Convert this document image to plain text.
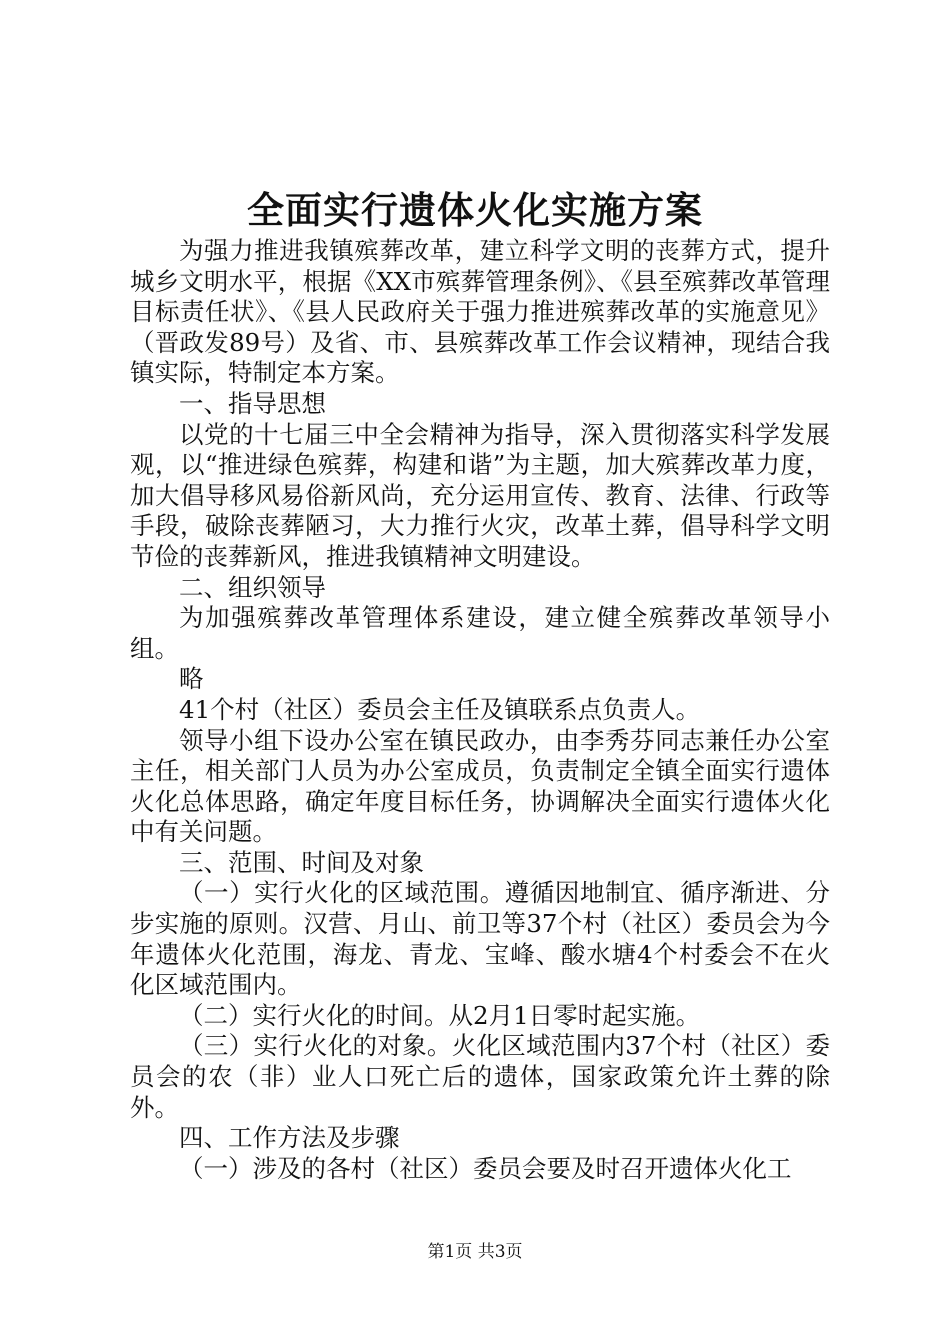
全面实行遗体火化实施方案

为强力推进我镇殡葬改革，建立科学文明的丧葬方式，提升城乡文明水平，根据《XX市殡葬管理条例》、《县至殡葬改革管理目标责任状》、《县人民政府关于强力推进殡葬改革的实施意见》（晋政发89号）及省、市、县殡葬改革工作会议精神，现结合我镇实际，特制定本方案。

一、指导思想

以党的十七届三中全会精神为指导，深入贯彻落实科学发展观，以“推进绿色殡葬，构建和谐”为主题，加大殡葬改革力度，加大倡导移风易俗新风尚，充分运用宣传、教育、法律、行政等手段，破除丧葬陋习，大力推行火灾，改革土葬，倡导科学文明节俭的丧葬新风，推进我镇精神文明建设。

二、组织领导

为加强殡葬改革管理体系建设，建立健全殡葬改革领导小组。

略

41个村（社区）委员会主任及镇联系点负责人。

领导小组下设办公室在镇民政办，由李秀芬同志兼任办公室主任，相关部门人员为办公室成员，负责制定全镇全面实行遗体火化总体思路，确定年度目标任务，协调解决全面实行遗体火化中有关问题。

三、范围、时间及对象

（一）实行火化的区域范围。遵循因地制宜、循序渐进、分步实施的原则。汉营、月山、前卫等37个村（社区）委员会为今年遗体火化范围，海龙、青龙、宝峰、酸水塘4个村委会不在火化区域范围内。

（二）实行火化的时间。从2月1日零时起实施。

（三）实行火化的对象。火化区域范围内37个村（社区）委员会的农（非）业人口死亡后的遗体，国家政策允许土葬的除外。

四、工作方法及步骤

（一）涉及的各村（社区）委员会要及时召开遗体火化工

第1页 共3页
